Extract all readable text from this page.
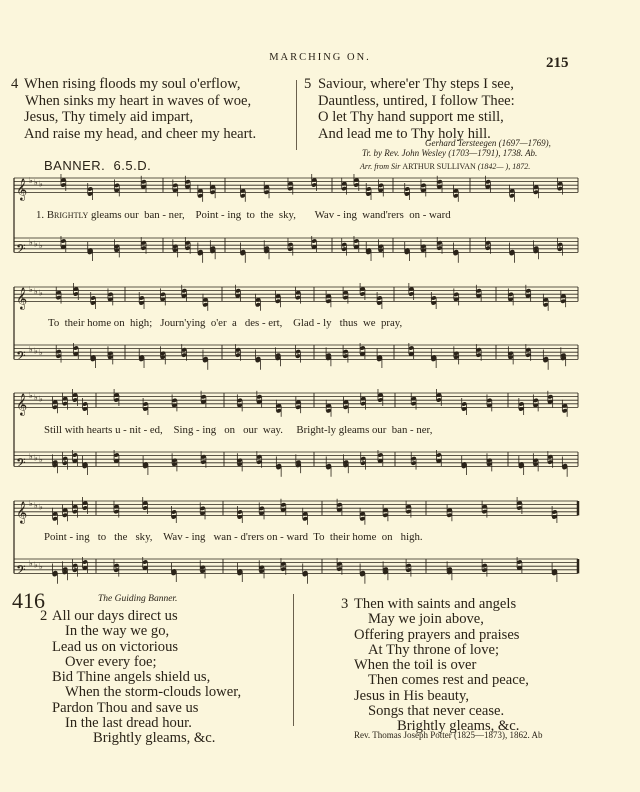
MARCHING ON.	215
4 When rising floods my soul o'erflow,
When sinks my heart in waves of woe,
Jesus, Thy timely aid impart,
And raise my head, and cheer my heart.
5 Saviour, where'er Thy steps I see,
Dauntless, untired, I follow Thee:
O let Thy hand support me still,
And lead me to Thy holy hill.
Gerhard Tersteegen (1697—1769),
Tr. by Rev. John Wesley (1703—1791), 1738. Ab.
BANNER. 6.5.D.	Arr. from Sir ARTHUR SULLIVAN (1842— ), 1872.
𝄞 ♭ ♭ ♭
𝄢 ♭ ♭ ♭
𝄞 ♭ ♭ ♭
𝄢 ♭ ♭ ♭
𝄞 ♭ ♭ ♭
𝄢 ♭ ♭ ♭
𝄞 ♭ ♭ ♭
𝄢 ♭ ♭ ♭
1. Brightly gleams our  ban - ner,    Point - ing  to  the  sky,       Wav - ing  wand'rers  on - ward
To  their home on  high;   Journ'ying  o'er  a   des - ert,    Glad - ly   thus  we  pray,
Still with hearts u - nit - ed,    Sing - ing   on   our  way.     Bright-ly gleams our  ban - ner,
Point - ing   to   the   sky,    Wav - ing   wan - d'rers on - ward  To  their home  on   high.
416	The Guiding Banner.
2 All our days direct us
In the way we go,
Lead us on victorious
Over every foe;
Bid Thine angels shield us,
When the storm-clouds lower,
Pardon Thou and save us
In the last dread hour.
Brightly gleams, &c.
3 Then with saints and angels
May we join above,
Offering prayers and praises
At Thy throne of love;
When the toil is over
Then comes rest and peace,
Jesus in His beauty,
Songs that never cease.
Brightly gleams, &c.
Rev. Thomas Joseph Potter (1825—1873), 1862. Ab
